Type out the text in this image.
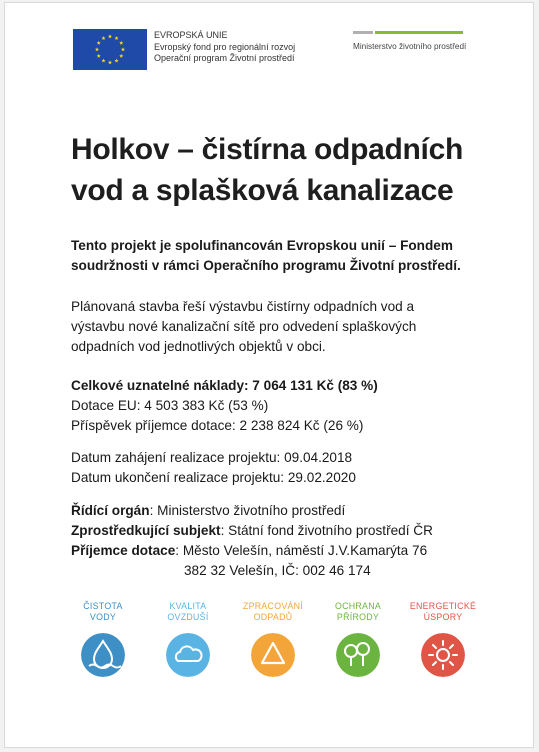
EVROPSKÁ UNIE
Evropský fond pro regionální rozvoj
Operační program Životní prostředí
Ministerstvo životního prostředí
Holkov – čistírna odpadních
vod a splašková kanalizace
Tento projekt je spolufinancován Evropskou unií – Fondem
soudržnosti v rámci Operačního programu Životní prostředí.
Plánovaná stavba řeší výstavbu čistírny odpadních vod a
výstavbu nové kanalizační sítě pro odvedení splaškových
odpadních vod jednotlivých objektů v obci.
Celkové uznatelné náklady: 7 064 131 Kč (83 %)
Dotace EU: 4 503 383 Kč (53 %)
Příspěvek příjemce dotace: 2 238 824 Kč (26 %)
Datum zahájení realizace projektu: 09.04.2018
Datum ukončení realizace projektu: 29.02.2020
Řídící orgán: Ministerstvo životního prostředí
Zprostředkující subjekt: Státní fond životního prostředí ČR
Příjemce dotace: Město Velešín, náměstí J.V.Kamarýta 76
382 32 Velešín, IČ: 002 46 174
ČISTOTA
VODY
KVALITA
OVZDUŠÍ
ZPRACOVÁNÍ
ODPADŮ
OCHRANA
PŘÍRODY
ENERGETICKÉ
ÚSPORY
